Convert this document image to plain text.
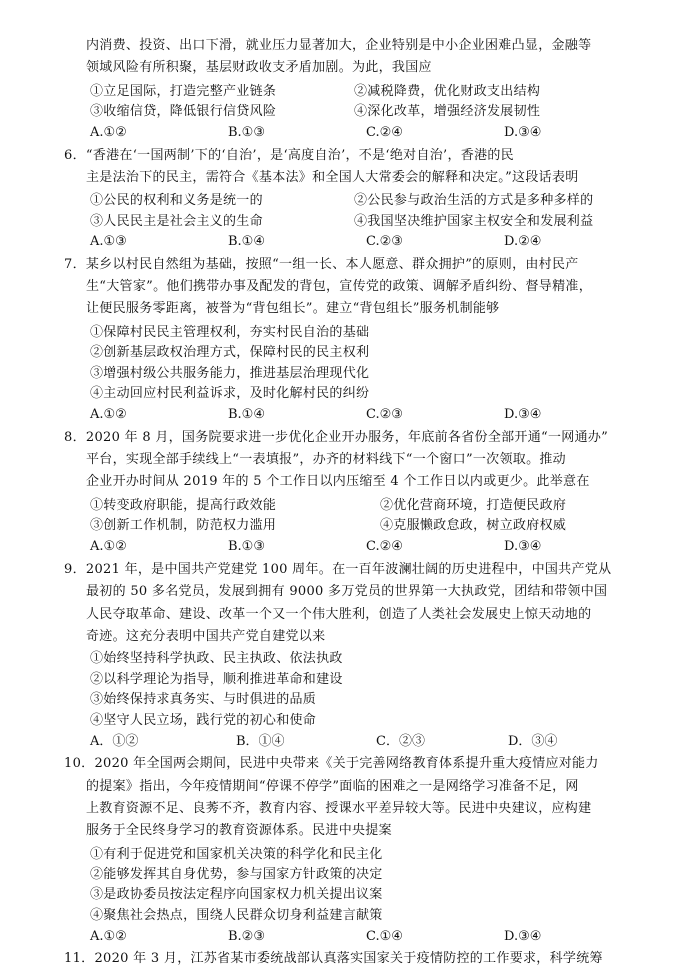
内消费、投资、出口下滑，就业压力显著加大，企业特别是中小企业困难凸显，金融等
领域风险有所积聚，基层财政收支矛盾加剧。为此，我国应
①立足国际，打造完整产业链条	②减税降费，优化财政支出结构
③收缩信贷，降低银行信贷风险	④深化改革，增强经济发展韧性
A.①②	B.①③	C.②④	D.③④
6．“香港在‘一国两制’下的‘自治’，是‘高度自治’，不是‘绝对自治’，香港的民
主是法治下的民主，需符合《基本法》和全国人大常委会的解释和决定。”这段话表明
①公民的权利和义务是统一的	②公民参与政治生活的方式是多种多样的
③人民民主是社会主义的生命	④我国坚决维护国家主权安全和发展利益
A.①③	B.①④	C.②③	D.②④
7．某乡以村民自然组为基础，按照“一组一长、本人愿意、群众拥护”的原则，由村民产
生“大管家”。他们携带办事及配发的背包，宣传党的政策、调解矛盾纠纷、督导精准，
让便民服务零距离，被誉为“背包组长”。建立“背包组长”服务机制能够
①保障村民民主管理权利，夯实村民自治的基础
②创新基层政权治理方式，保障村民的民主权利
③增强村级公共服务能力，推进基层治理现代化
④主动回应村民利益诉求，及时化解村民的纠纷
A.①②	B.①④	C.②③	D.③④
8．2020 年 8 月，国务院要求进一步优化企业开办服务，年底前各省份全部开通“一网通办”
平台，实现全部手续线上“一表填报”，办齐的材料线下“一个窗口”一次领取。推动
企业开办时间从 2019 年的 5 个工作日以内压缩至 4 个工作日以内或更少。此举意在
①转变政府职能，提高行政效能	②优化营商环境，打造便民政府
③创新工作机制，防范权力滥用	④克服懒政怠政，树立政府权威
A.①②	B.①③	C.②④	D.③④
9．2021 年，是中国共产党建党 100 周年。在一百年波澜壮阔的历史进程中，中国共产党从
最初的 50 多名党员，发展到拥有 9000 多万党员的世界第一大执政党，团结和带领中国
人民夺取革命、建设、改革一个又一个伟大胜利，创造了人类社会发展史上惊天动地的
奇迹。这充分表明中国共产党自建党以来
①始终坚持科学执政、民主执政、依法执政
②以科学理论为指导，顺利推进革命和建设
③始终保持求真务实、与时俱进的品质
④坚守人民立场，践行党的初心和使命
A．①②	B．①④	C．②③	D．③④
10．2020 年全国两会期间，民进中央带来《关于完善网络教育体系提升重大疫情应对能力
的提案》指出，今年疫情期间“停课不停学”面临的困难之一是网络学习准备不足，网
上教育资源不足、良莠不齐，教育内容、授课水平差异较大等。民进中央建议，应构建
服务于全民终身学习的教育资源体系。民进中央提案
①有利于促进党和国家机关决策的科学化和民主化
②能够发挥其自身优势，参与国家方针政策的决定
③是政协委员按法定程序向国家权力机关提出议案
④聚焦社会热点，围绕人民群众切身利益建言献策
A.①②	B.②③	C.①④	D.③④
11．2020 年 3 月，江苏省某市委统战部认真落实国家关于疫情防控的工作要求，科学统筹
